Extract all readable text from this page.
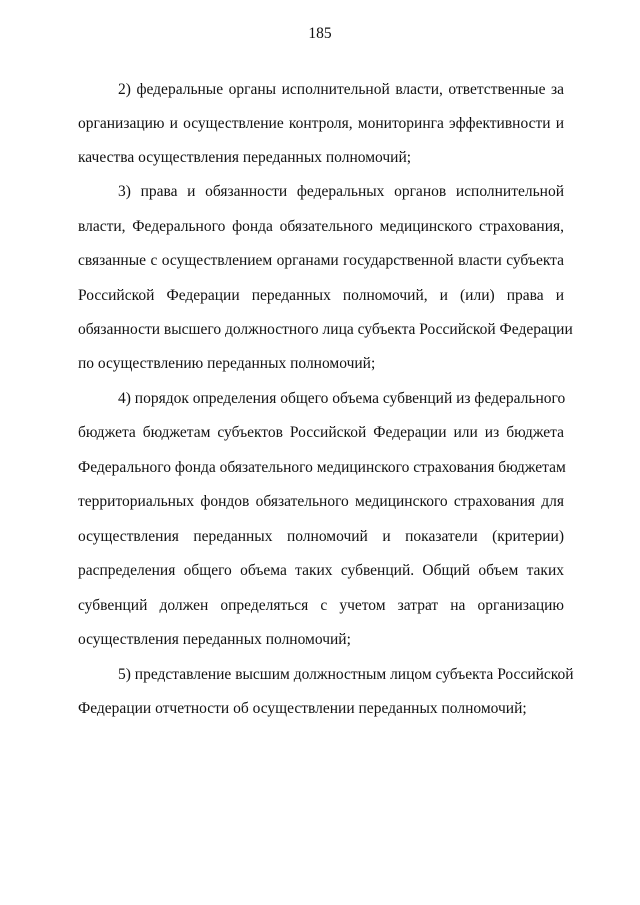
185
2) федеральные органы исполнительной власти, ответственные за
организацию и осуществление контроля, мониторинга эффективности и
качества осуществления переданных полномочий;
3) права и обязанности федеральных органов исполнительной
власти, Федерального фонда обязательного медицинского страхования,
связанные с осуществлением органами государственной власти субъекта
Российской Федерации переданных полномочий, и (или) права и
обязанности высшего должностного лица субъекта Российской Федерации
по осуществлению переданных полномочий;
4) порядок определения общего объема субвенций из федерального
бюджета бюджетам субъектов Российской Федерации или из бюджета
Федерального фонда обязательного медицинского страхования бюджетам
территориальных фондов обязательного медицинского страхования для
осуществления переданных полномочий и показатели (критерии)
распределения общего объема таких субвенций. Общий объем таких
субвенций должен определяться с учетом затрат на организацию
осуществления переданных полномочий;
5) представление высшим должностным лицом субъекта Российской
Федерации отчетности об осуществлении переданных полномочий;
